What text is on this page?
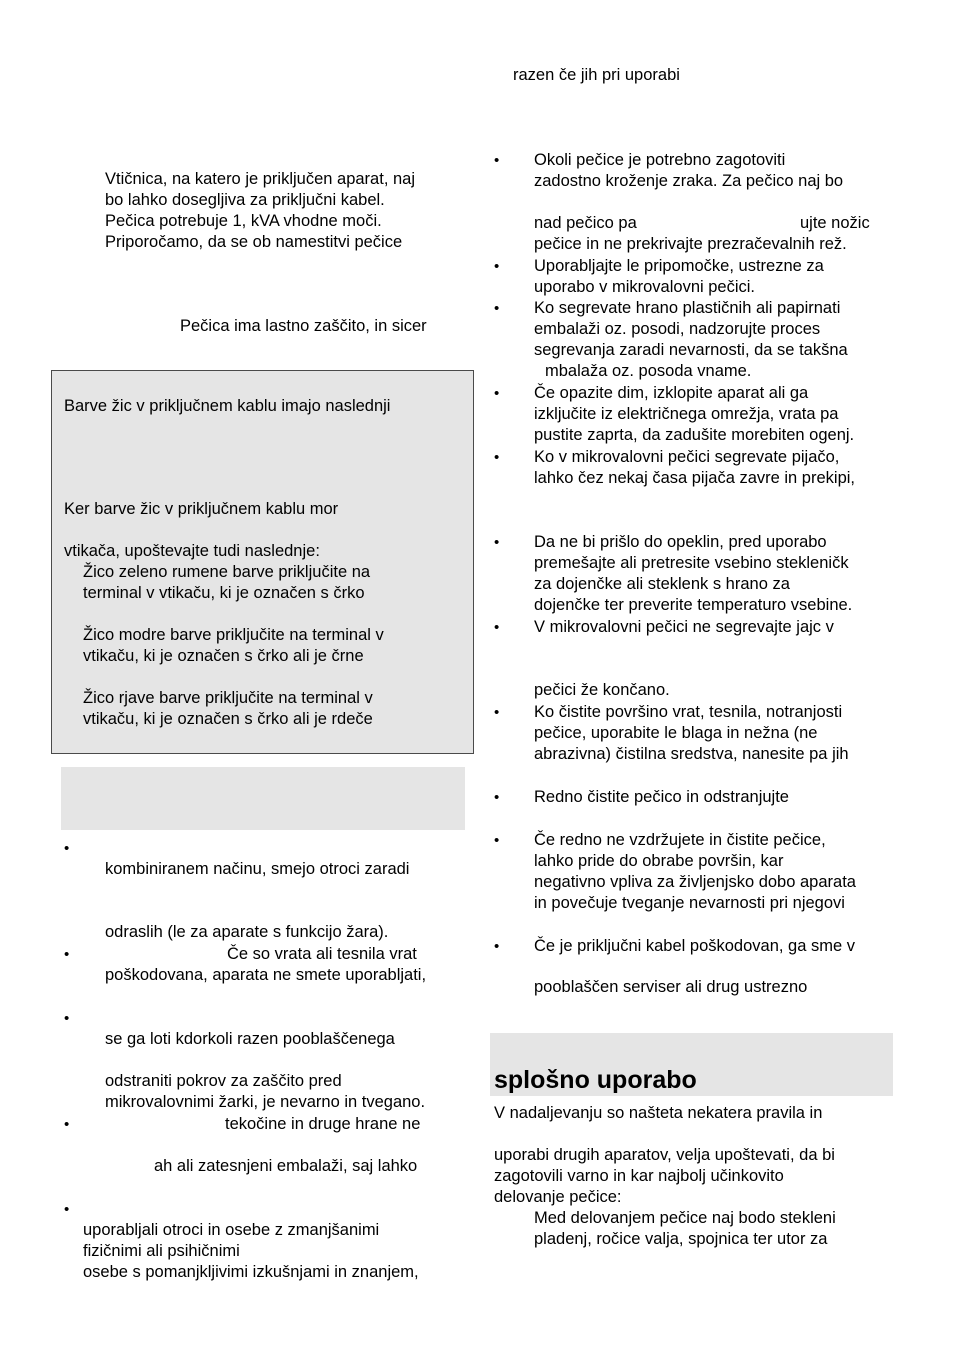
Vtičnica, na katero je priključen aparat, naj
bo lahko dosegljiva za priključni kabel.
Pečica potrebuje 1, kVA vhodne moči.
Priporočamo, da se ob namestitvi pečice
Pečica ima lastno zaščito, in sicer
Barve žic v priključnem kablu imajo naslednji
Ker barve žic v priključnem kablu mor
vtikača, upoštevajte tudi naslednje:
Žico zeleno rumene barve priključite na
terminal v vtikaču, ki je označen s črko
Žico modre barve priključite na terminal v
vtikaču, ki je označen s črko ali je črne
Žico rjave barve priključite na terminal v
vtikaču, ki je označen s črko ali je rdeče
•
kombiniranem načinu, smejo otroci zaradi
odraslih (le za aparate s funkcijo žara).
•	Če so vrata ali tesnila vrat
poškodovana, aparata ne smete uporabljati,
•
se ga loti kdorkoli razen pooblaščenega
odstraniti pokrov za zaščito pred
mikrovalovnimi žarki, je nevarno in tvegano.
•	tekočine in druge hrane ne
ah ali zatesnjeni embalaži, saj lahko
•
uporabljali otroci in osebe z zmanjšanimi
fizičnimi ali psihičnimi
osebe s pomanjkljivimi izkušnjami in znanjem,
razen če jih pri uporabi
• Okoli pečice je potrebno zagotoviti
zadostno kroženje zraka. Za pečico naj bo
nad pečico pa	ujte nožic
pečice in ne prekrivajte prezračevalnih rež.
• Uporabljajte le pripomočke, ustrezne za
uporabo v mikrovalovni pečici.
• Ko segrevate hrano plastičnih ali papirnati
embalaži oz. posodi, nadzorujte proces
segrevanja zaradi nevarnosti, da se takšna
mbalaža oz. posoda vname.
• Če opazite dim, izklopite aparat ali ga
izključite iz električnega omrežja, vrata pa
pustite zaprta, da zadušite morebiten ogenj.
• Ko v mikrovalovni pečici segrevate pijačo,
lahko čez nekaj časa pijača zavre in prekipi,
• Da ne bi prišlo do opeklin, pred uporabo
premešajte ali pretresite vsebino stekleničk
za dojenčke ali steklenk s hrano za
dojenčke ter preverite temperaturo vsebine.
• V mikrovalovni pečici ne segrevajte jajc v
pečici že končano.
• Ko čistite površino vrat, tesnila, notranjosti
pečice, uporabite le blaga in nežna (ne
abrazivna) čistilna sredstva, nanesite pa jih
• Redno čistite pečico in odstranjujte
• Če redno ne vzdržujete in čistite pečice,
lahko pride do obrabe površin, kar
negativno vpliva za življenjsko dobo aparata
in povečuje tveganje nevarnosti pri njegovi
• Če je priključni kabel poškodovan, ga sme v
pooblaščen serviser ali drug ustrezno
splošno uporabo
V nadaljevanju so našteta nekatera pravila in
uporabi drugih aparatov, velja upoštevati, da bi
zagotovili varno in kar najbolj učinkovito
delovanje pečice:
Med delovanjem pečice naj bodo stekleni
pladenj, ročice valja, spojnica ter utor za
